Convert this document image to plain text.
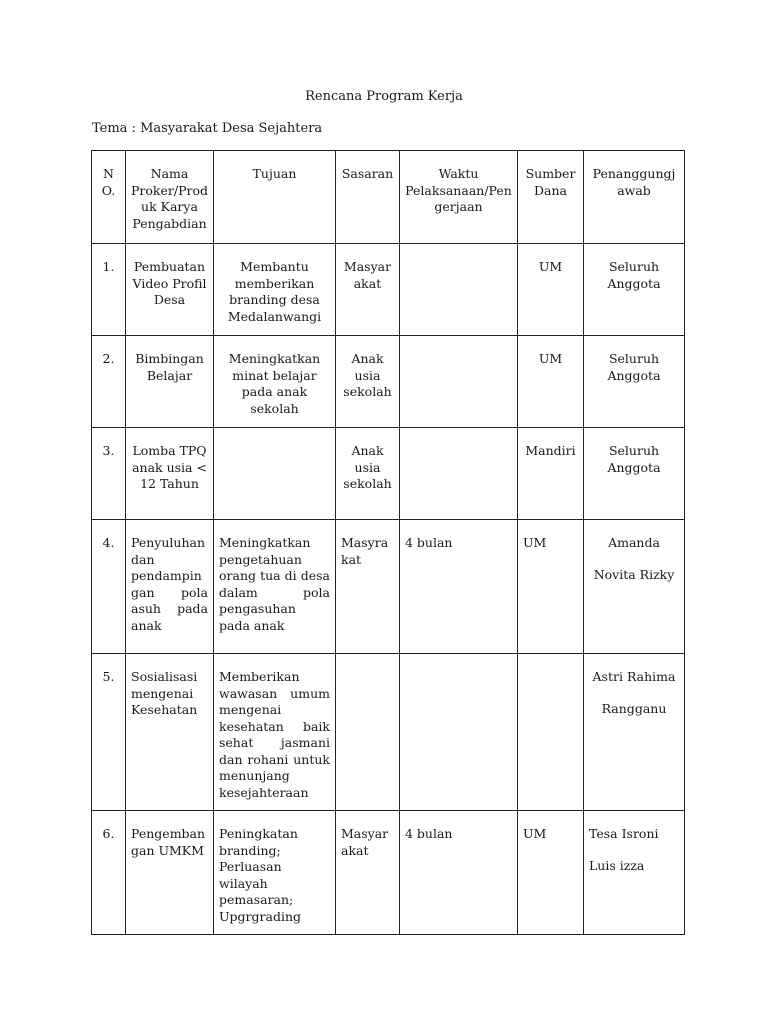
Rencana Program Kerja
Tema : Masyarakat Desa Sejahtera
N O.	Nama Proker/Prod uk Karya Pengabdian	Tujuan	Sasaran	Waktu Pelaksanaan/Pen gerjaan	Sumber Dana	Penanggungj awab
1.	Pembuatan Video Profil Desa	Membantu memberikan branding desa Medalanwangi	Masyar akat		UM	Seluruh Anggota

2.	Bimbingan Belajar	Meningkatkan minat belajar pada anak sekolah	Anak usia sekolah		UM	Seluruh Anggota

3.	Lomba TPQ anak usia < 12 Tahun		Anak usia sekolah		Mandiri	Seluruh Anggota

4.	Penyuluhan dan pendampin gan pola asuh pada anak	Meningkatkan pengetahuan orang tua di desa dalam pola pengasuhan pada anak	Masyra kat	4 bulan	UM	Amanda
Novita Rizky

5.	Sosialisasi mengenai Kesehatan	Memberikan wawasan umum mengenai kesehatan baik sehat jasmani dan rohani untuk menunjang kesejahteraan				Astri Rahima
Rangganu

6.	Pengemban gan UMKM	Peningkatan branding; Perluasan wilayah pemasaran; Upgrgrading	Masyar akat	4 bulan	UM	Tesa Isroni
Luis izza
